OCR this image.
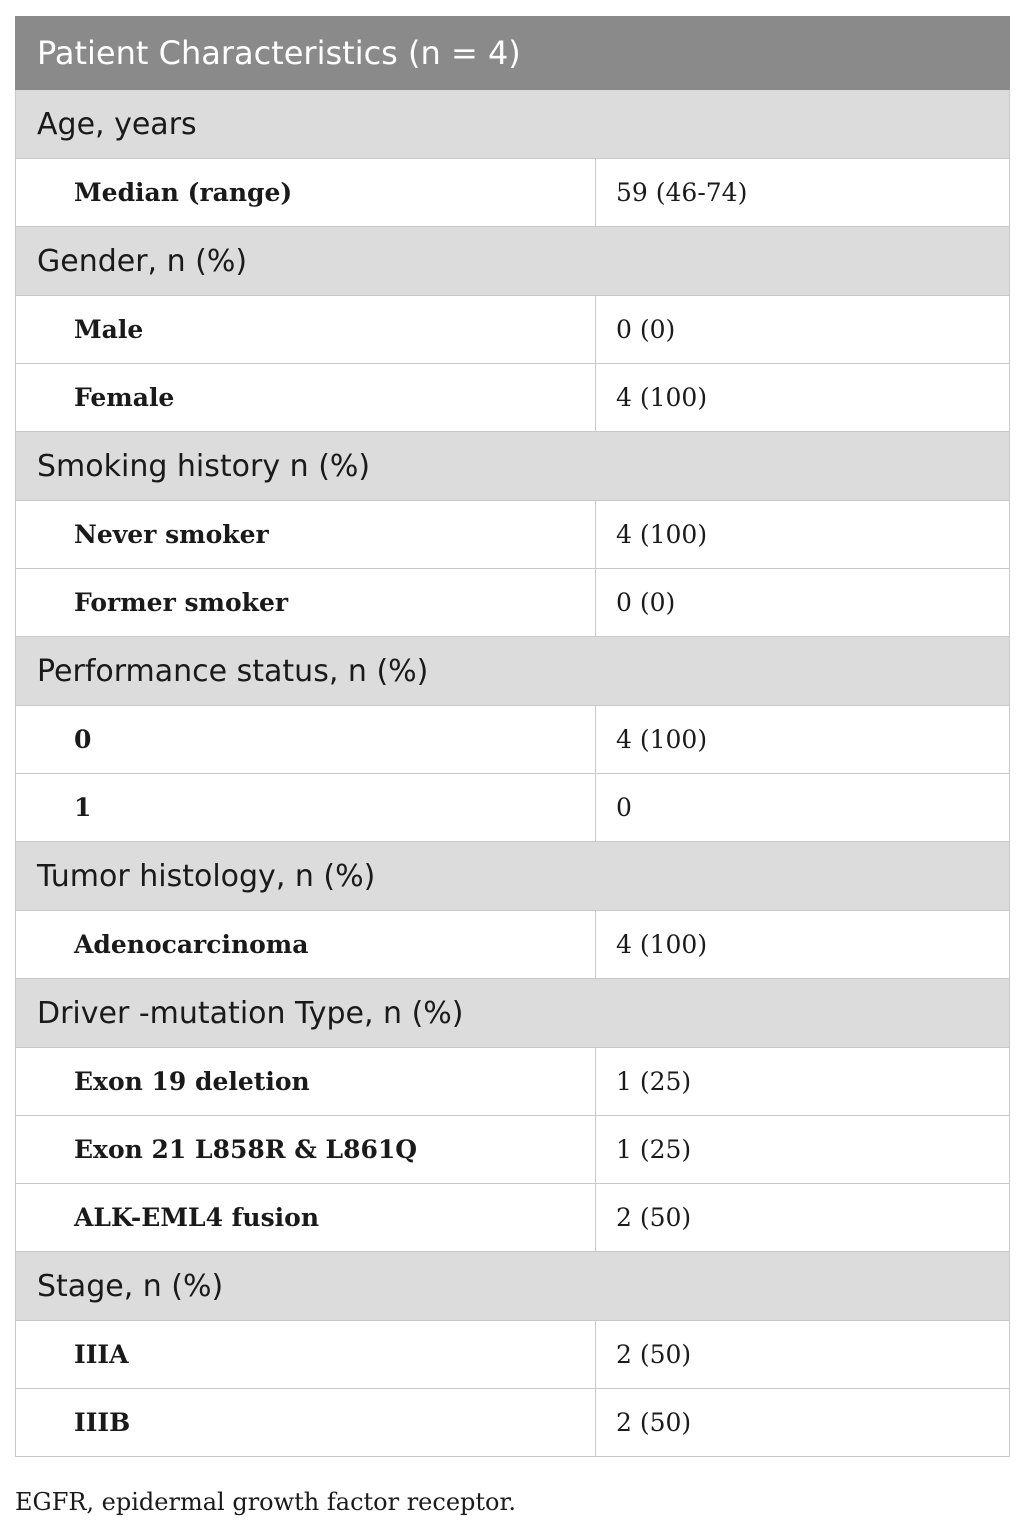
Patient Characteristics (n = 4)	
Age, years	
Median (range)	59 (46-74)
Gender, n (%)	
Male	0 (0)
Female	4 (100)
Smoking history n (%)	
Never smoker	4 (100)
Former smoker	0 (0)
Performance status, n (%)	
0	4 (100)
1	0
Tumor histology, n (%)	
Adenocarcinoma	4 (100)
Driver -mutation Type, n (%)	
Exon 19 deletion	1 (25)
Exon 21 L858R & L861Q	1 (25)
ALK-EML4 fusion	2 (50)
Stage, n (%)	
IIIA	2 (50)
IIIB	2 (50)
EGFR, epidermal growth factor receptor.
